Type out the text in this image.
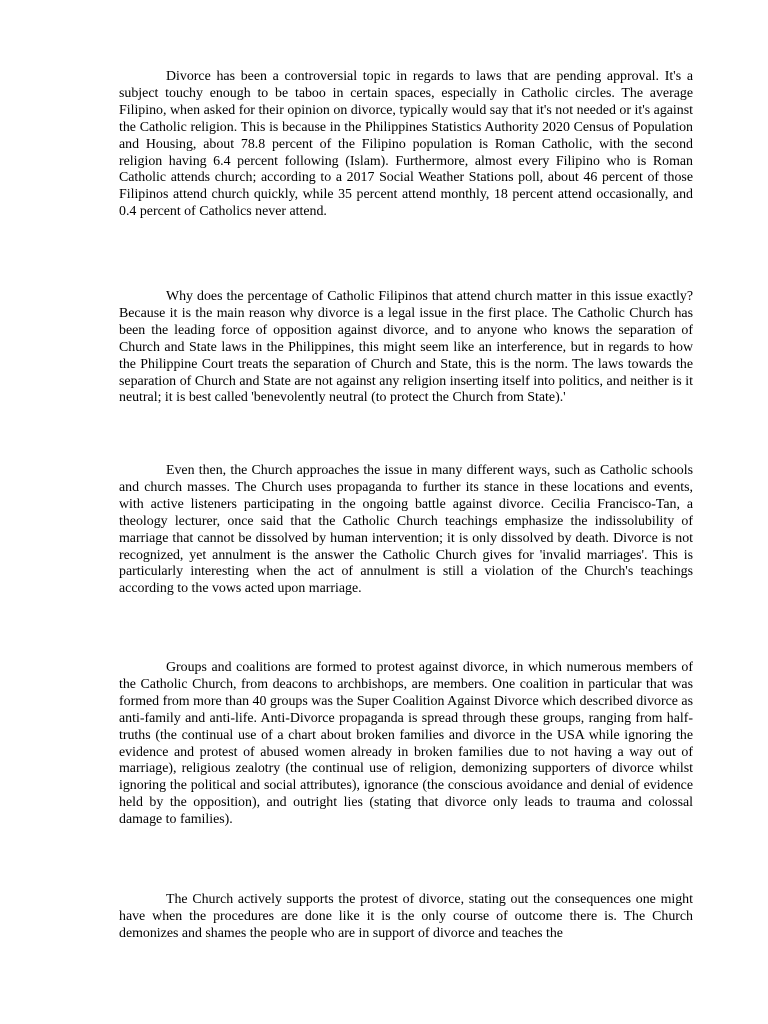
Divorce has been a controversial topic in regards to laws that are pending approval. It's a subject touchy enough to be taboo in certain spaces, especially in Catholic circles. The average Filipino, when asked for their opinion on divorce, typically would say that it's not needed or it's against the Catholic religion. This is because in the Philippines Statistics Authority 2020 Census of Population and Housing, about 78.8 percent of the Filipino population is Roman Catholic, with the second religion having 6.4 percent following (Islam). Furthermore, almost every Filipino who is Roman Catholic attends church; according to a 2017 Social Weather Stations poll, about 46 percent of those Filipinos attend church quickly, while 35 percent attend monthly, 18 percent attend occasionally, and 0.4 percent of Catholics never attend.

Why does the percentage of Catholic Filipinos that attend church matter in this issue exactly? Because it is the main reason why divorce is a legal issue in the first place. The Catholic Church has been the leading force of opposition against divorce, and to anyone who knows the separation of Church and State laws in the Philippines, this might seem like an interference, but in regards to how the Philippine Court treats the separation of Church and State, this is the norm. The laws towards the separation of Church and State are not against any religion inserting itself into politics, and neither is it neutral; it is best called 'benevolently neutral (to protect the Church from State).'

Even then, the Church approaches the issue in many different ways, such as Catholic schools and church masses. The Church uses propaganda to further its stance in these locations and events, with active listeners participating in the ongoing battle against divorce. Cecilia Francisco-Tan, a theology lecturer, once said that the Catholic Church teachings emphasize the indissolubility of marriage that cannot be dissolved by human intervention; it is only dissolved by death. Divorce is not recognized, yet annulment is the answer the Catholic Church gives for 'invalid marriages'. This is particularly interesting when the act of annulment is still a violation of the Church's teachings according to the vows acted upon marriage.

Groups and coalitions are formed to protest against divorce, in which numerous members of the Catholic Church, from deacons to archbishops, are members. One coalition in particular that was formed from more than 40 groups was the Super Coalition Against Divorce which described divorce as anti-family and anti-life. Anti-Divorce propaganda is spread through these groups, ranging from half-truths (the continual use of a chart about broken families and divorce in the USA while ignoring the evidence and protest of abused women already in broken families due to not having a way out of marriage), religious zealotry (the continual use of religion, demonizing supporters of divorce whilst ignoring the political and social attributes), ignorance (the conscious avoidance and denial of evidence held by the opposition), and outright lies (stating that divorce only leads to trauma and colossal damage to families).

The Church actively supports the protest of divorce, stating out the consequences one might have when the procedures are done like it is the only course of outcome there is. The Church demonizes and shames the people who are in support of divorce and teaches the
